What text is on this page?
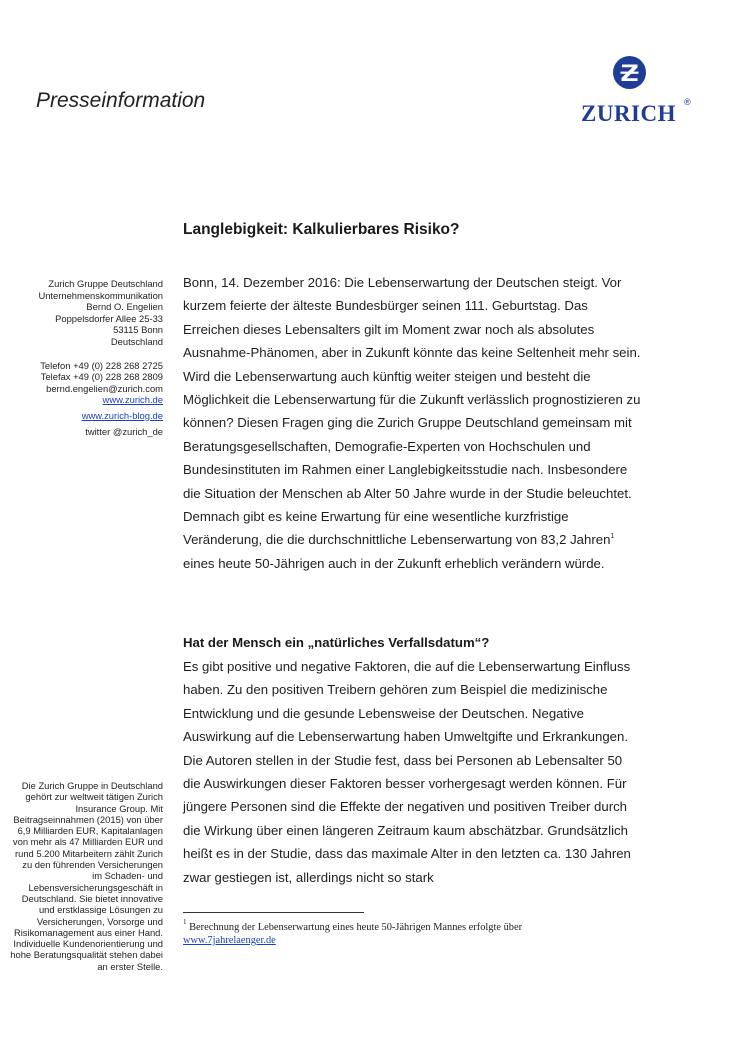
Presseinformation
ZURICH ®
Langlebigkeit: Kalkulierbares Risiko?
Zurich Gruppe Deutschland
Unternehmenskommunikation
Bernd O. Engelien
Poppelsdorfer Allee 25-33
53115 Bonn
Deutschland
Telefon +49 (0) 228 268 2725
Telefax +49 (0) 228 268 2809
bernd.engelien@zurich.com
www.zurich.de
www.zurich-blog.de
twitter @zurich_de
Die Zurich Gruppe in Deutschland gehört zur weltweit tätigen Zurich Insurance Group. Mit Beitragseinnahmen (2015) von über 6,9 Milliarden EUR, Kapitalanlagen von mehr als 47 Milliarden EUR und rund 5.200 Mitarbeitern zählt Zurich zu den führenden Versicherungen im Schaden- und Lebensversicherungsgeschäft in Deutschland. Sie bietet innovative und erstklassige Lösungen zu Versicherungen, Vorsorge und Risikomanagement aus einer Hand. Individuelle Kundenorientierung und hohe Beratungsqualität stehen dabei an erster Stelle.

Bonn, 14. Dezember 2016: Die Lebenserwartung der Deutschen steigt. Vor kurzem feierte der älteste Bundesbürger seinen 111. Geburtstag. Das Erreichen dieses Lebensalters gilt im Moment zwar noch als absolutes Ausnahme-Phänomen, aber in Zukunft könnte das keine Seltenheit mehr sein. Wird die Lebenserwartung auch künftig weiter steigen und besteht die Möglichkeit die Lebenserwartung für die Zukunft verlässlich prognostizieren zu können? Diesen Fragen ging die Zurich Gruppe Deutschland gemeinsam mit Beratungsgesellschaften, Demografie-Experten von Hochschulen und Bundesinstituten im Rahmen einer Langlebigkeitsstudie nach. Insbesondere die Situation der Menschen ab Alter 50 Jahre wurde in der Studie beleuchtet. Demnach gibt es keine Erwartung für eine wesentliche kurzfristige Veränderung, die die durchschnittliche Lebenserwartung von 83,2 Jahren$^1$ eines heute 50-Jährigen auch in der Zukunft erheblich verändern würde.

Hat der Mensch ein „natürliches Verfallsdatum“?

Es gibt positive und negative Faktoren, die auf die Lebenserwartung Einfluss haben. Zu den positiven Treibern gehören zum Beispiel die medizinische Entwicklung und die gesunde Lebensweise der Deutschen. Negative Auswirkung auf die Lebenserwartung haben Umweltgifte und Erkrankungen. Die Autoren stellen in der Studie fest, dass bei Personen ab Lebensalter 50 die Auswirkungen dieser Faktoren besser vorhergesagt werden können. Für jüngere Personen sind die Effekte der negativen und positiven Treiber durch die Wirkung über einen längeren Zeitraum kaum abschätzbar. Grundsätzlich heißt es in der Studie, dass das maximale Alter in den letzten ca. 130 Jahren zwar gestiegen ist, allerdings nicht so stark

$^1$ Berechnung der Lebenserwartung eines heute 50-Jährigen Mannes erfolgte über
www.7jahrelaenger.de
